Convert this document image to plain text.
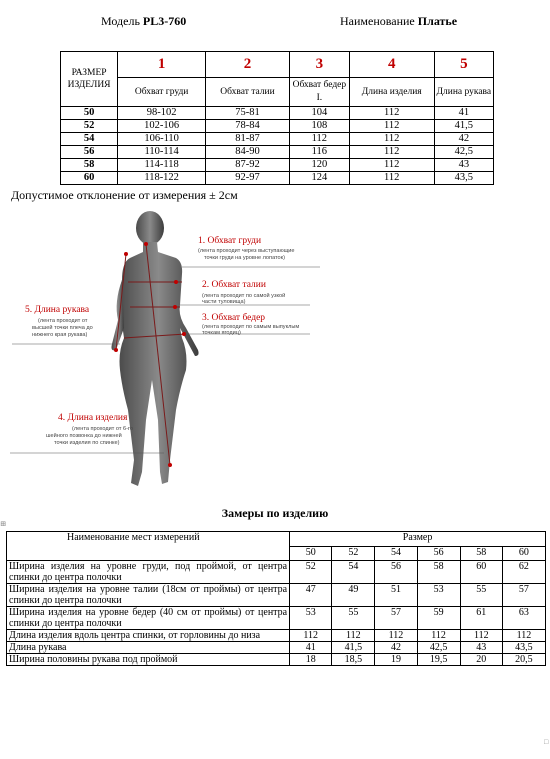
Модель PL3-760	Наименование Платье
РАЗМЕР ИЗДЕЛИЯ	1	2	3	4	5
	Обхват груди	Обхват талии	Обхват бедер I.	Длина изделия	Длина рукава
50	98-102	75-81	104	112	41
52	102-106	78-84	108	112	41,5
54	106-110	81-87	112	112	42
56	110-114	84-90	116	112	42,5
58	114-118	87-92	120	112	43
60	118-122	92-97	124	112	43,5
Допустимое отклонение от измерения ± 2см
1. Обхват груди
(лента проходит через выступающие
точки груди на уровне лопаток)
2. Обхват талии
(лента проходит по самой узкой
части туловища)
3. Обхват бедер
(лента проходит по самым выпуклым
точкам ягодиц)
5. Длина рукава
(лента проходит от
высшей точки плеча до
нижнего края рукава)
4. Длина изделия
(лента проходит от 6-го
шейного позвонка до нижней
точки изделия по спинке)
Замеры по изделию
⊞
Наименование мест измерений	Размер					
	50	52	54	56	58	60
Ширина изделия на уровне груди, под проймой, от центра спинки до центра полочки	52	54	56	58	60	62
Ширина изделия на уровне талии (18см от проймы) от центра спинки до центра полочки	47	49	51	53	55	57
Ширина изделия на уровне бедер (40 см от проймы) от центра спинки до центра полочки	53	55	57	59	61	63
Длина изделия вдоль центра спинки, от горловины до низа	112	112	112	112	112	112
Длина рукава	41	41,5	42	42,5	43	43,5
Ширина половины рукава под проймой	18	18,5	19	19,5	20	20,5
□
